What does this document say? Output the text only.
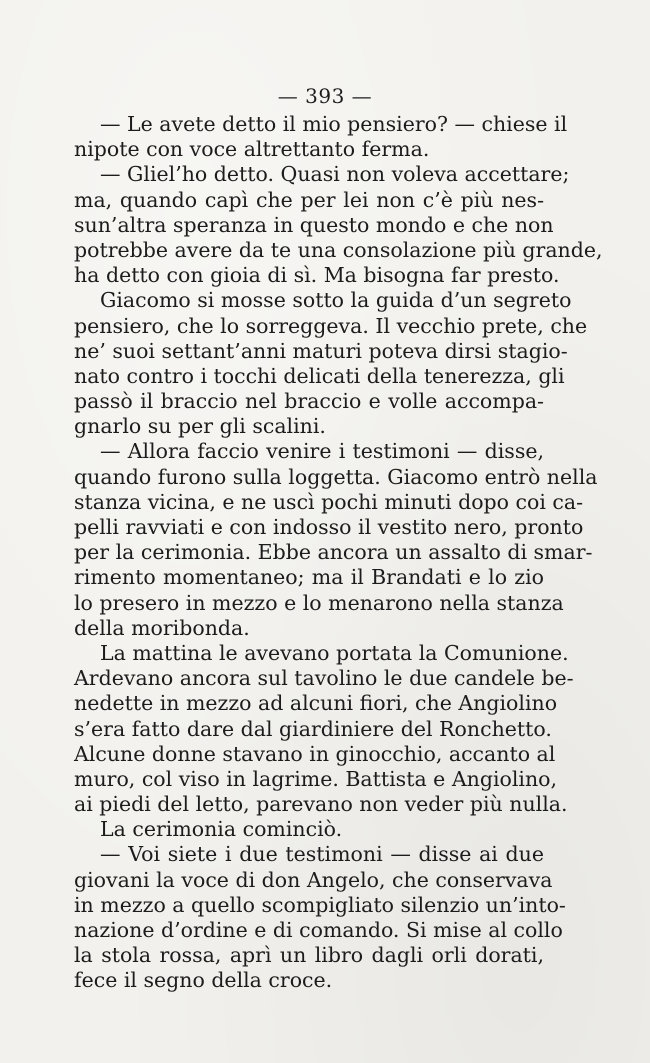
— 393 —
— Le avete detto il mio pensiero? — chiese il
nipote con voce altrettanto ferma.
— Gliel’ho detto. Quasi non voleva accettare;
ma, quando capì che per lei non c’è più nes-
sun’altra speranza in questo mondo e che non
potrebbe avere da te una consolazione più grande,
ha detto con gioia di sì. Ma bisogna far presto.
Giacomo si mosse sotto la guida d’un segreto
pensiero, che lo sorreggeva. Il vecchio prete, che
ne’ suoi settant’anni maturi poteva dirsi stagio-
nato contro i tocchi delicati della tenerezza, gli
passò il braccio nel braccio e volle accompa-
gnarlo su per gli scalini.
— Allora faccio venire i testimoni — disse,
quando furono sulla loggetta. Giacomo entrò nella
stanza vicina, e ne uscì pochi minuti dopo coi ca-
pelli ravviati e con indosso il vestito nero, pronto
per la cerimonia. Ebbe ancora un assalto di smar-
rimento momentaneo; ma il Brandati e lo zio
lo presero in mezzo e lo menarono nella stanza
della moribonda.
La mattina le avevano portata la Comunione.
Ardevano ancora sul tavolino le due candele be-
nedette in mezzo ad alcuni fiori, che Angiolino
s’era fatto dare dal giardiniere del Ronchetto.
Alcune donne stavano in ginocchio, accanto al
muro, col viso in lagrime. Battista e Angiolino,
ai piedi del letto, parevano non veder più nulla.
La cerimonia cominciò.
— Voi siete i due testimoni — disse ai due
giovani la voce di don Angelo, che conservava
in mezzo a quello scompigliato silenzio un’into-
nazione d’ordine e di comando. Si mise al collo
la stola rossa, aprì un libro dagli orli dorati,
fece il segno della croce.
